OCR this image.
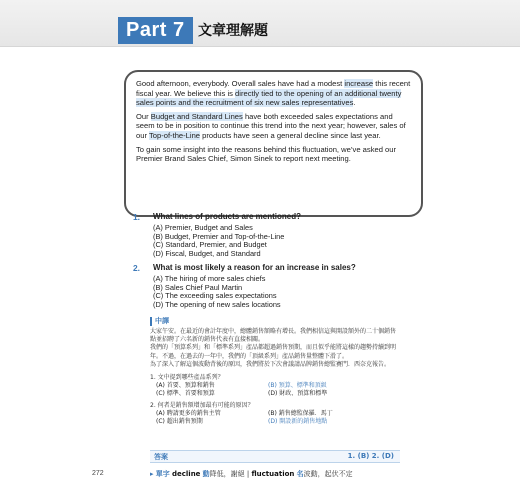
Part 7 文章理解題

Good afternoon, everybody. Overall sales have had a modest increase this recent fiscal year. We believe this is directly tied to the opening of an additional twenty sales points and the recruitment of six new sales representatives.

Our Budget and Standard Lines have both exceeded sales expectations and seem to be in position to continue this trend into the next year; however, sales of our Top-of-the-Line products have seen a general decline since last year.

To gain some insight into the reasons behind this fluctuation, we’ve asked our Premier Brand Sales Chief, Simon Sinek to report next meeting.

1.	What lines of products are mentioned?
(A) Premier, Budget and Sales
(B) Budget, Premier and Top-of-the-Line
(C) Standard, Premier, and Budget
(D) Fiscal, Budget, and Standard
2.	What is most likely a reason for an increase in sales?
(A) The hiring of more sales chiefs
(B) Sales Chief Paul Martin
(C) The exceeding sales expectations
(D) The opening of new sales locations
中譯
大家午安。在最近的會計年度中，總體銷售額略有增長。我們相信這與開設額外的二十個銷售點並招聘了六名新的銷售代表有直接相關。
我們的「預算系列」和「標準系列」產品都超過銷售預期，而且似乎能將這樣的趨勢持續到明年。不過，在過去的一年中，我們的「頂級系列」產品銷售量整體下滑了。
為了深入了解這個波動背後的原因，我們將於下次會議請品牌銷售總監賽門．西奈克報告。
1. 文中提到哪些產品系列？
(A) 首要、預算和銷售	(B) 預算、標準和頂級
(C) 標準、首要和預算	(D) 財政、預算和標準
2. 何者是銷售額增加最有可能的原因？
(A) 聘請更多的銷售主管	(B) 銷售總監保羅．馬丁
(C) 超出銷售預期	(D) 開設新的銷售地點
答案	1. (B) 2. (D)
272	▸ 單字 decline 動降低，謝絕 | fluctuation 名波動，起伏不定
